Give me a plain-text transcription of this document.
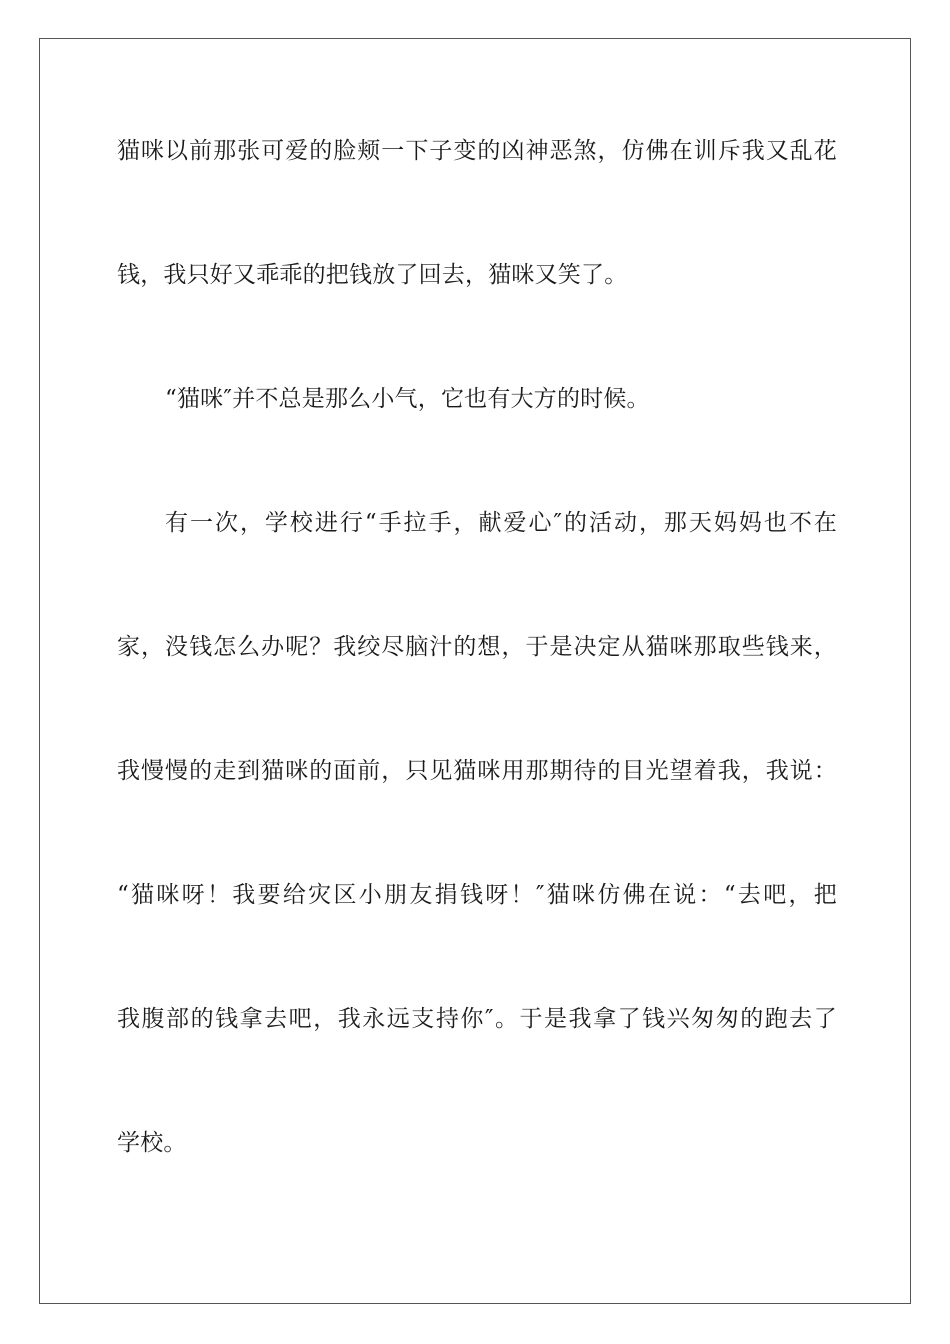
猫咪以前那张可爱的脸颊一下子变的凶神恶煞，仿佛在训斥我又乱花
钱，我只好又乖乖的把钱放了回去，猫咪又笑了。
“猫咪″并不总是那么小气，它也有大方的时候。
有一次，学校进行“手拉手，献爱心″的活动，那天妈妈也不在
家，没钱怎么办呢？我绞尽脑汁的想，于是决定从猫咪那取些钱来，
我慢慢的走到猫咪的面前，只见猫咪用那期待的目光望着我，我说：
“猫咪呀！我要给灾区小朋友捐钱呀！″猫咪仿佛在说：“去吧，把
我腹部的钱拿去吧，我永远支持你″。于是我拿了钱兴匆匆的跑去了
学校。
